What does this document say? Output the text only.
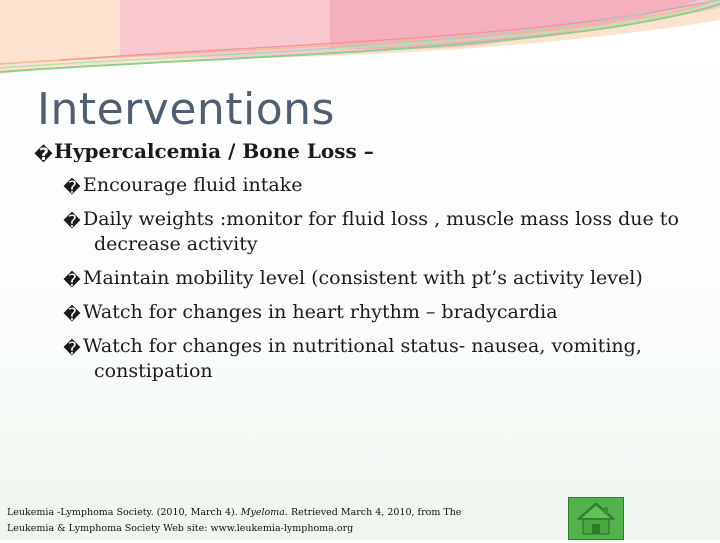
Interventions
�Hypercalcemia / Bone Loss –
� Encourage fluid intake
� Daily weights :monitor for fluid loss , muscle mass loss due to decrease activity
� Maintain mobility level (consistent with pt’s activity level)
� Watch for changes in heart rhythm – bradycardia
� Watch for changes in nutritional status- nausea, vomiting, constipation
Leukemia -Lymphoma Society. (2010, March 4). Myeloma. Retrieved March 4, 2010, from The
Leukemia & Lymphoma Society Web site: www.leukemia-lymphoma.org
